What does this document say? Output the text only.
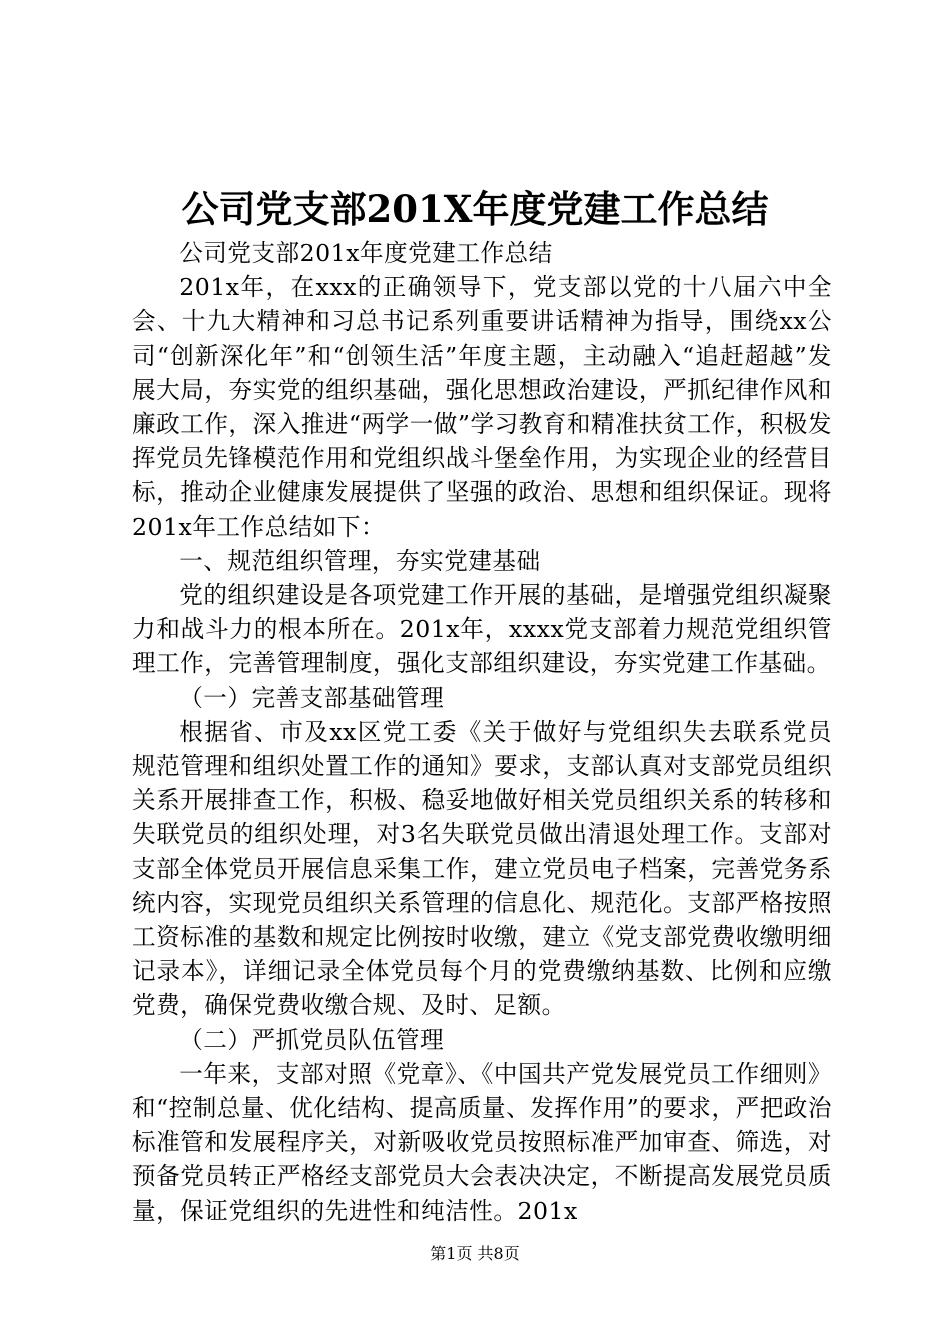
公司党支部201X年度党建工作总结

公司党支部201x年度党建工作总结

201x年，在xxx的正确领导下，党支部以党的十八届六中全会、十九大精神和习总书记系列重要讲话精神为指导，围绕xx公司“创新深化年”和“创领生活”年度主题，主动融入“追赶超越”发展大局，夯实党的组织基础，强化思想政治建设，严抓纪律作风和廉政工作，深入推进“两学一做”学习教育和精准扶贫工作，积极发挥党员先锋模范作用和党组织战斗堡垒作用，为实现企业的经营目标，推动企业健康发展提供了坚强的政治、思想和组织保证。现将201x年工作总结如下：

一、规范组织管理，夯实党建基础

党的组织建设是各项党建工作开展的基础，是增强党组织凝聚力和战斗力的根本所在。201x年，xxxx党支部着力规范党组织管理工作，完善管理制度，强化支部组织建设，夯实党建工作基础。

（一）完善支部基础管理

根据省、市及xx区党工委《关于做好与党组织失去联系党员规范管理和组织处置工作的通知》要求，支部认真对支部党员组织关系开展排查工作，积极、稳妥地做好相关党员组织关系的转移和失联党员的组织处理，对3名失联党员做出清退处理工作。支部对支部全体党员开展信息采集工作，建立党员电子档案，完善党务系统内容，实现党员组织关系管理的信息化、规范化。支部严格按照工资标准的基数和规定比例按时收缴，建立《党支部党费收缴明细记录本》，详细记录全体党员每个月的党费缴纳基数、比例和应缴党费，确保党费收缴合规、及时、足额。

（二）严抓党员队伍管理

一年来，支部对照《党章》、《中国共产党发展党员工作细则》和“控制总量、优化结构、提高质量、发挥作用”的要求，严把政治标准管和发展程序关，对新吸收党员按照标准严加审查、筛选，对预备党员转正严格经支部党员大会表决决定，不断提高发展党员质量，保证党组织的先进性和纯洁性。201x

第1页 共8页
